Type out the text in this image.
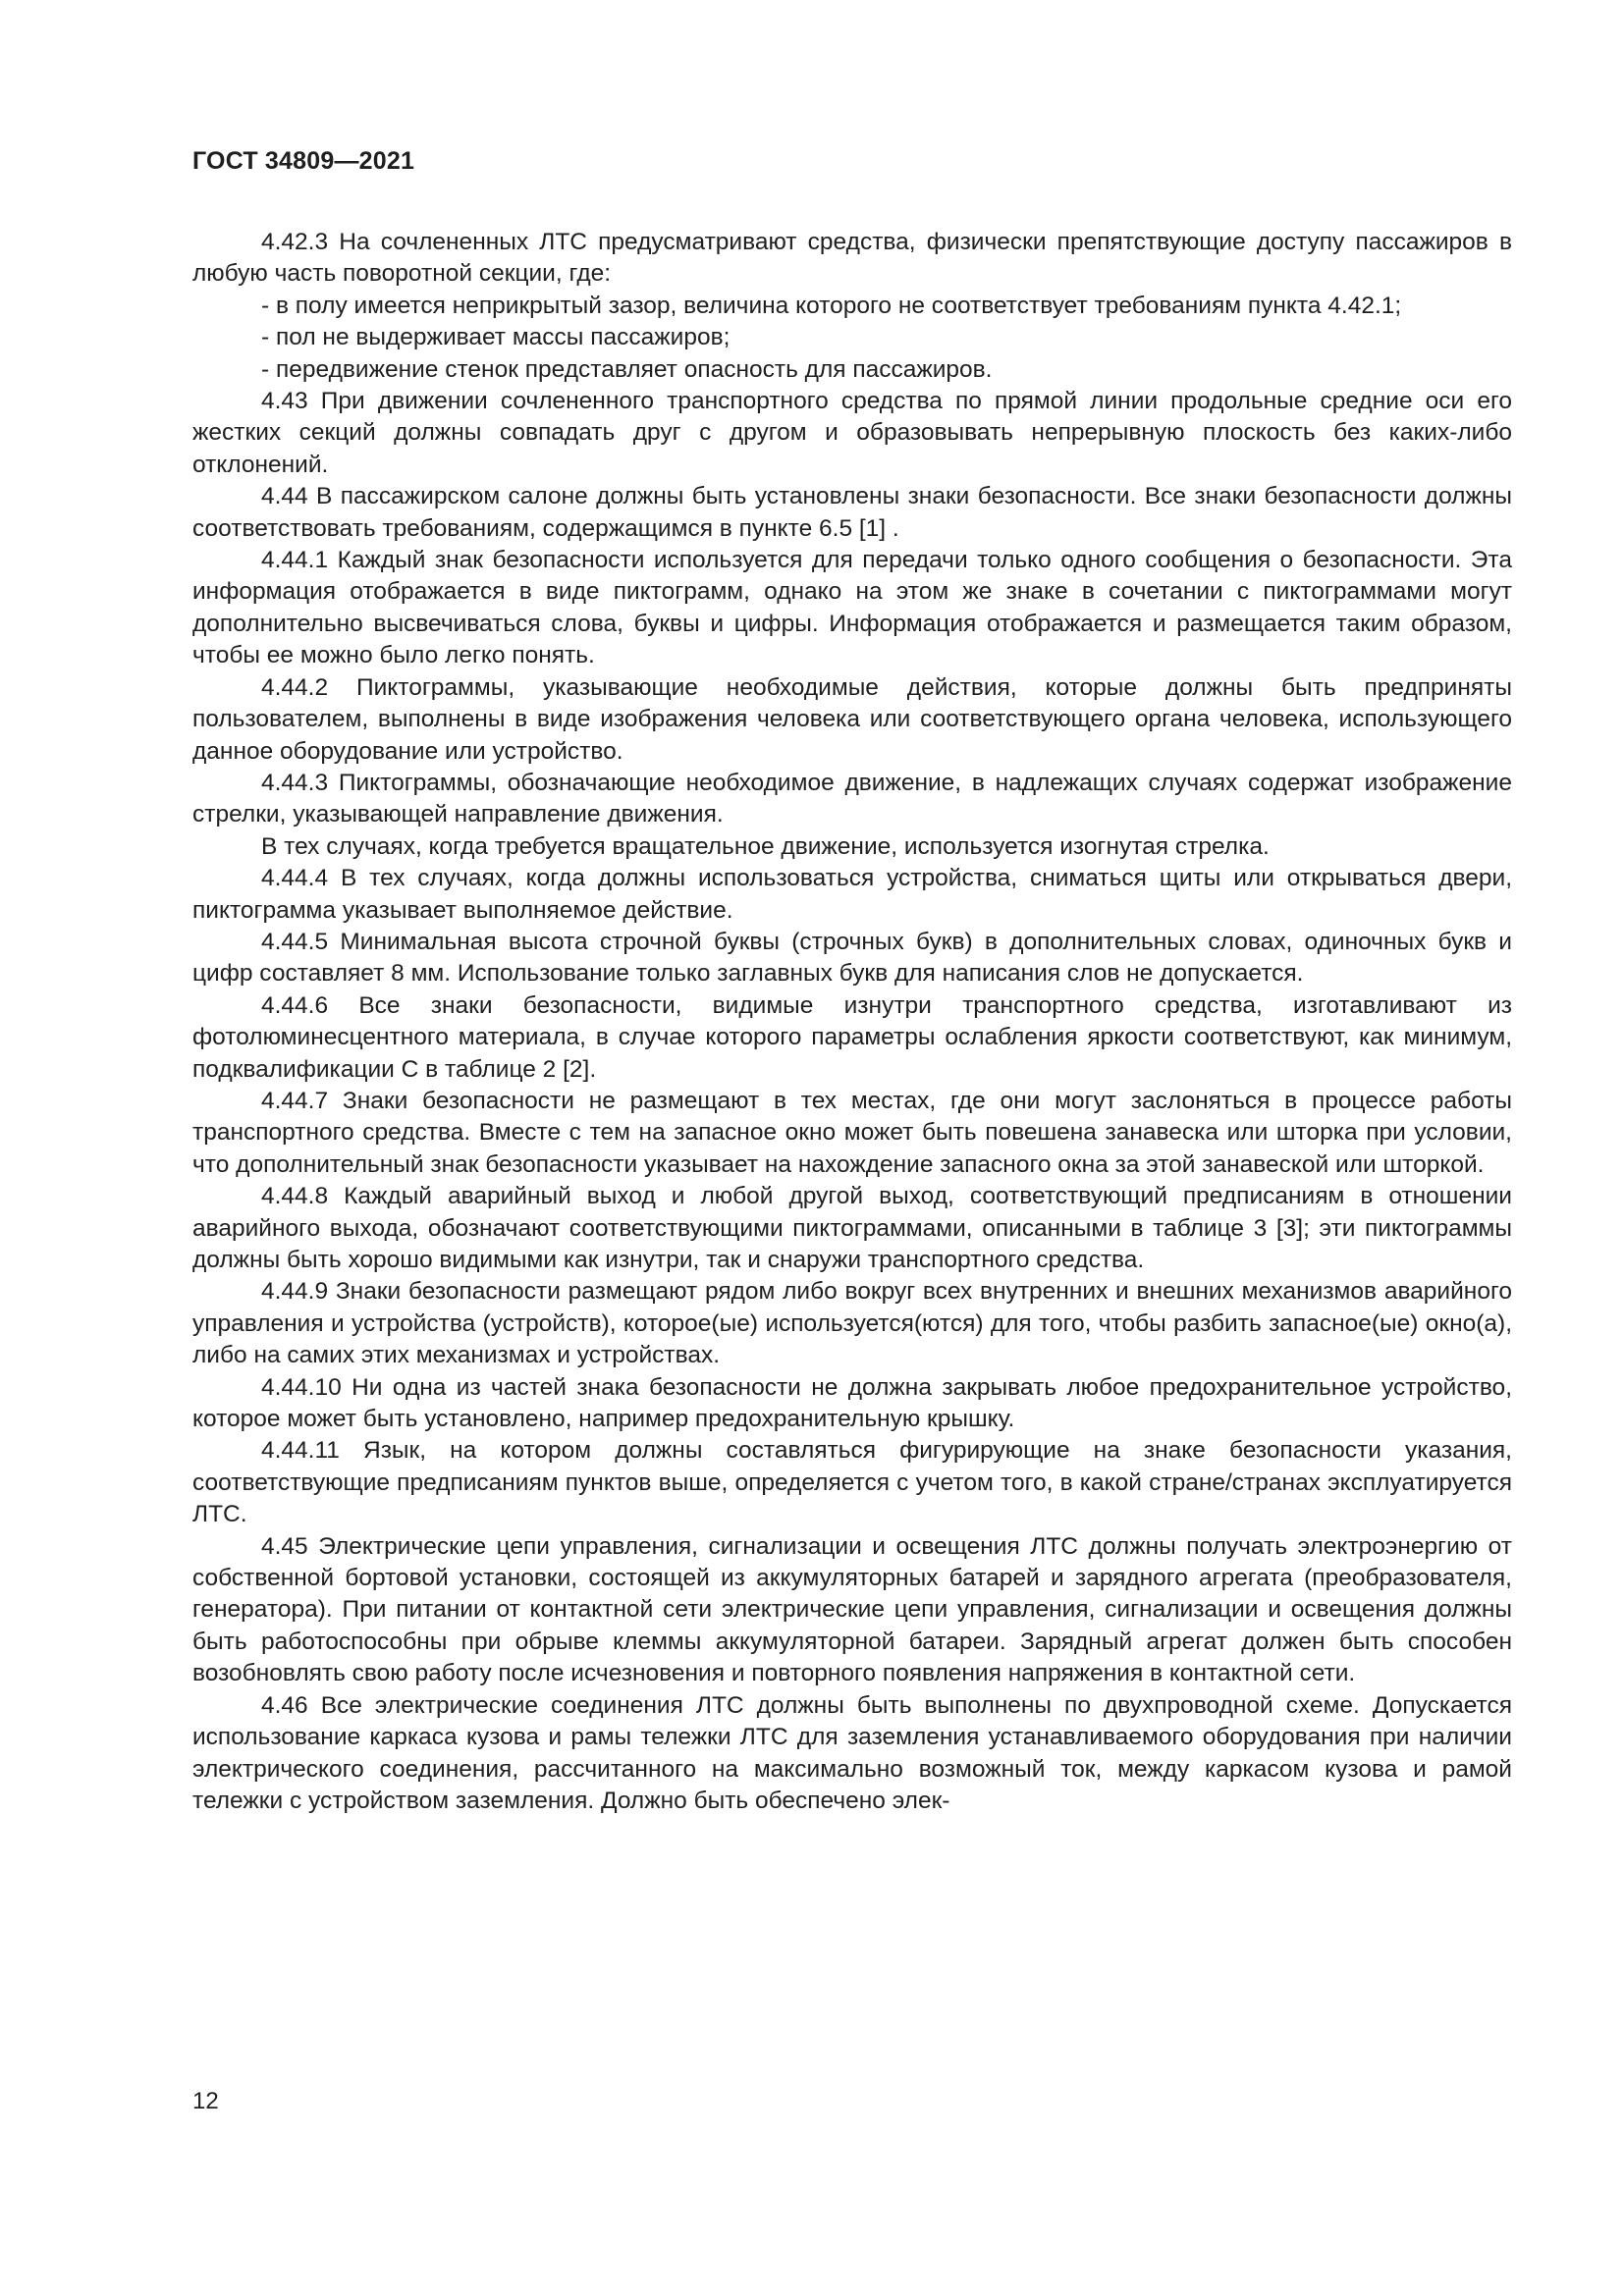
ГОСТ 34809—2021

4.42.3 На сочлененных ЛТС предусматривают средства, физически препятствующие доступу пассажиров в любую часть поворотной секции, где:

- в полу имеется неприкрытый зазор, величина которого не соответствует требованиям пункта 4.42.1;

- пол не выдерживает массы пассажиров;

- передвижение стенок представляет опасность для пассажиров.

4.43 При движении сочлененного транспортного средства по прямой линии продольные средние оси его жестких секций должны совпадать друг с другом и образовывать непрерывную плоскость без каких-либо отклонений.

4.44 В пассажирском салоне должны быть установлены знаки безопасности. Все знаки безопасности должны соответствовать требованиям, содержащимся в пункте 6.5 [1] .

4.44.1 Каждый знак безопасности используется для передачи только одного сообщения о безопасности. Эта информация отображается в виде пиктограмм, однако на этом же знаке в сочетании с пиктограммами могут дополнительно высвечиваться слова, буквы и цифры. Информация отображается и размещается таким образом, чтобы ее можно было легко понять.

4.44.2 Пиктограммы, указывающие необходимые действия, которые должны быть предприняты пользователем, выполнены в виде изображения человека или соответствующего органа человека, использующего данное оборудование или устройство.

4.44.3 Пиктограммы, обозначающие необходимое движение, в надлежащих случаях содержат изображение стрелки, указывающей направление движения.

В тех случаях, когда требуется вращательное движение, используется изогнутая стрелка.

4.44.4 В тех случаях, когда должны использоваться устройства, сниматься щиты или открываться двери, пиктограмма указывает выполняемое действие.

4.44.5 Минимальная высота строчной буквы (строчных букв) в дополнительных словах, одиночных букв и цифр составляет 8 мм. Использование только заглавных букв для написания слов не допускается.

4.44.6 Все знаки безопасности, видимые изнутри транспортного средства, изготавливают из фотолюминесцентного материала, в случае которого параметры ослабления яркости соответствуют, как минимум, подквалификации С в таблице 2 [2].

4.44.7 Знаки безопасности не размещают в тех местах, где они могут заслоняться в процессе работы транспортного средства. Вместе с тем на запасное окно может быть повешена занавеска или шторка при условии, что дополнительный знак безопасности указывает на нахождение запасного окна за этой занавеской или шторкой.

4.44.8 Каждый аварийный выход и любой другой выход, соответствующий предписаниям в отношении аварийного выхода, обозначают соответствующими пиктограммами, описанными в таблице 3 [3]; эти пиктограммы должны быть хорошо видимыми как изнутри, так и снаружи транспортного средства.

4.44.9 Знаки безопасности размещают рядом либо вокруг всех внутренних и внешних механизмов аварийного управления и устройства (устройств), которое(ые) используется(ются) для того, чтобы разбить запасное(ые) окно(а), либо на самих этих механизмах и устройствах.

4.44.10 Ни одна из частей знака безопасности не должна закрывать любое предохранительное устройство, которое может быть установлено, например предохранительную крышку.

4.44.11 Язык, на котором должны составляться фигурирующие на знаке безопасности указания, соответствующие предписаниям пунктов выше, определяется с учетом того, в какой стране/странах эксплуатируется ЛТС.

4.45 Электрические цепи управления, сигнализации и освещения ЛТС должны получать электроэнергию от собственной бортовой установки, состоящей из аккумуляторных батарей и зарядного агрегата (преобразователя, генератора). При питании от контактной сети электрические цепи управления, сигнализации и освещения должны быть работоспособны при обрыве клеммы аккумуляторной батареи. Зарядный агрегат должен быть способен возобновлять свою работу после исчезновения и повторного появления напряжения в контактной сети.

4.46 Все электрические соединения ЛТС должны быть выполнены по двухпроводной схеме. Допускается использование каркаса кузова и рамы тележки ЛТС для заземления устанавливаемого оборудования при наличии электрического соединения, рассчитанного на максимально возможный ток, между каркасом кузова и рамой тележки с устройством заземления. Должно быть обеспечено элек-

12
